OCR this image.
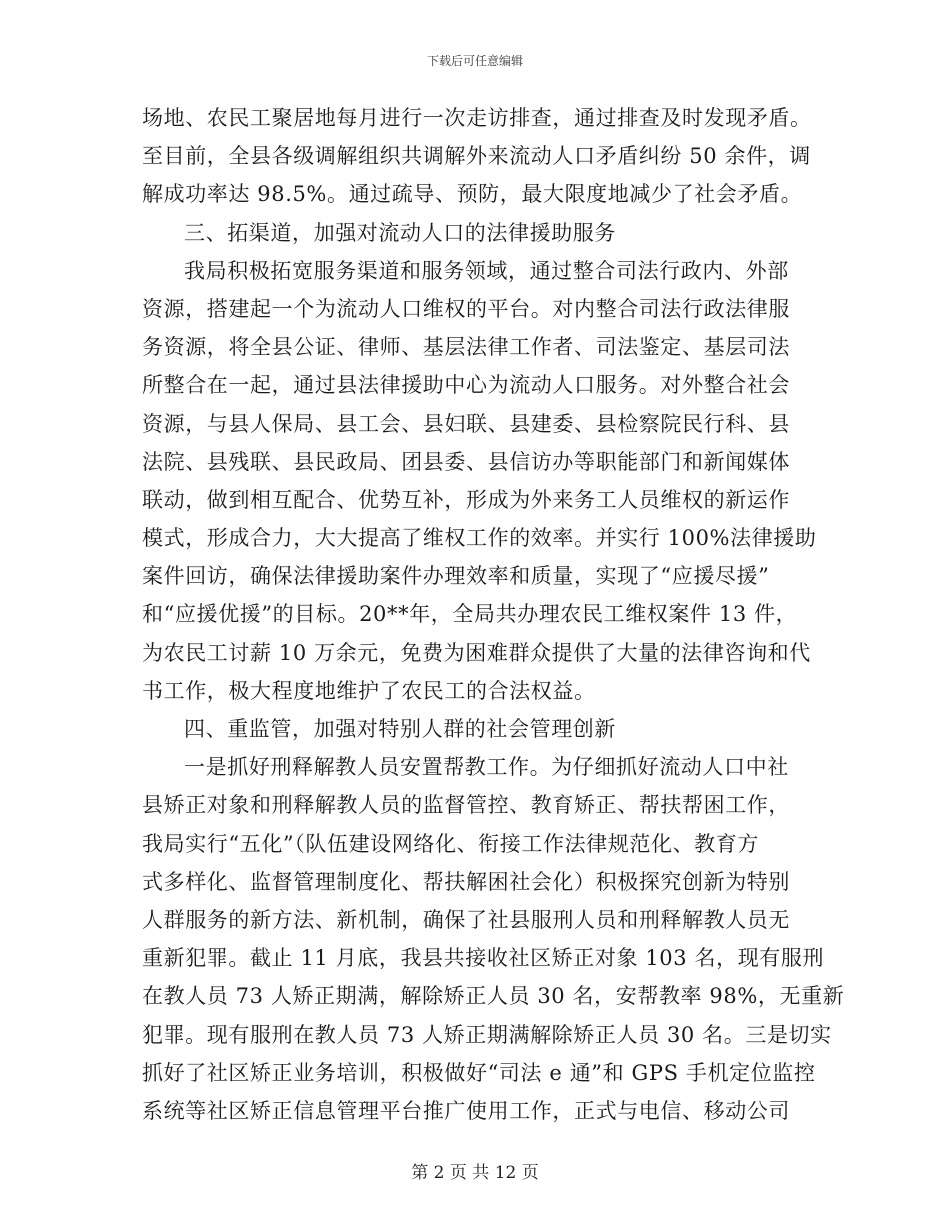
下载后可任意编辑
场地、农民工聚居地每月进行一次走访排查，通过排查及时发现矛盾。
至目前，全县各级调解组织共调解外来流动人口矛盾纠纷 50 余件，调
解成功率达 98.5%。通过疏导、预防，最大限度地减少了社会矛盾。
三、拓渠道，加强对流动人口的法律援助服务
我局积极拓宽服务渠道和服务领域，通过整合司法行政内、外部
资源，搭建起一个为流动人口维权的平台。对内整合司法行政法律服
务资源，将全县公证、律师、基层法律工作者、司法鉴定、基层司法
所整合在一起，通过县法律援助中心为流动人口服务。对外整合社会
资源，与县人保局、县工会、县妇联、县建委、县检察院民行科、县
法院、县残联、县民政局、团县委、县信访办等职能部门和新闻媒体
联动，做到相互配合、优势互补，形成为外来务工人员维权的新运作
模式，形成合力，大大提高了维权工作的效率。并实行 100%法律援助
案件回访，确保法律援助案件办理效率和质量，实现了“应援尽援”
和“应援优援”的目标。20**年，全局共办理农民工维权案件 13 件，
为农民工讨薪 10 万余元，免费为困难群众提供了大量的法律咨询和代
书工作，极大程度地维护了农民工的合法权益。
四、重监管，加强对特别人群的社会管理创新
一是抓好刑释解教人员安置帮教工作。为仔细抓好流动人口中社
县矫正对象和刑释解教人员的监督管控、教育矫正、帮扶帮困工作，
我局实行“五化”（队伍建设网络化、衔接工作法律规范化、教育方
式多样化、监督管理制度化、帮扶解困社会化）积极探究创新为特别
人群服务的新方法、新机制，确保了社县服刑人员和刑释解教人员无
重新犯罪。截止 11 月底，我县共接收社区矫正对象 103 名，现有服刑
在教人员 73 人矫正期满，解除矫正人员 30 名，安帮教率 98%，无重新
犯罪。现有服刑在教人员 73 人矫正期满解除矫正人员 30 名。三是切实
抓好了社区矫正业务培训，积极做好“司法 e 通”和 GPS 手机定位监控
系统等社区矫正信息管理平台推广使用工作，正式与电信、移动公司
第 2 页 共 12 页
